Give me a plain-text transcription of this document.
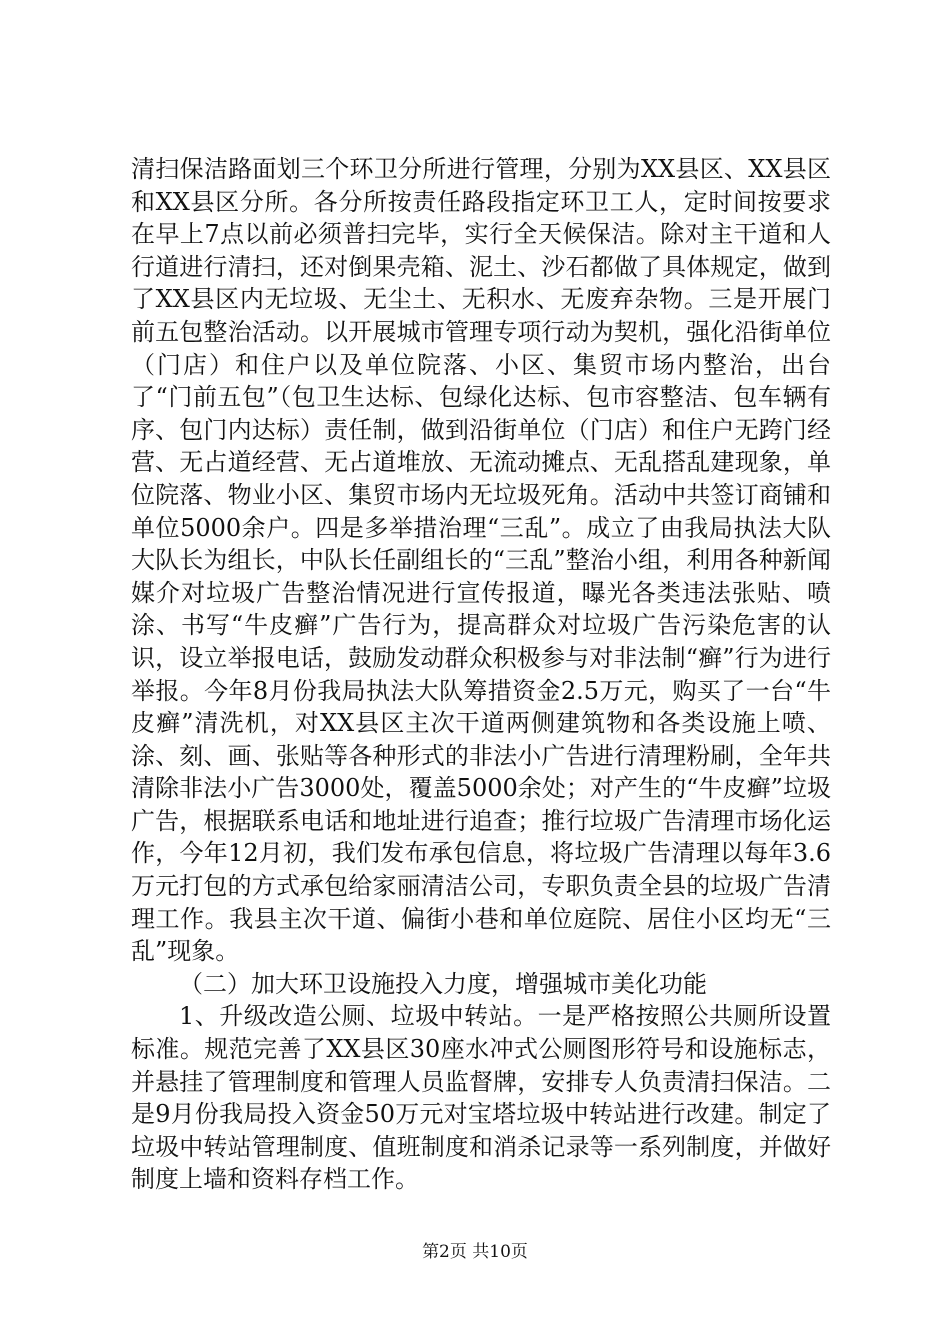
清扫保洁路面划三个环卫分所进行管理，分别为XX县区、XX县区和XX县区分所。各分所按责任路段指定环卫工人，定时间按要求在早上7点以前必须普扫完毕，实行全天候保洁。除对主干道和人行道进行清扫，还对倒果壳箱、泥土、沙石都做了具体规定，做到了XX县区内无垃圾、无尘土、无积水、无废弃杂物。三是开展门前五包整治活动。以开展城市管理专项行动为契机，强化沿街单位（门店）和住户以及单位院落、小区、集贸市场内整治，出台了“门前五包”（包卫生达标、包绿化达标、包市容整洁、包车辆有序、包门内达标）责任制，做到沿街单位（门店）和住户无跨门经营、无占道经营、无占道堆放、无流动摊点、无乱搭乱建现象，单位院落、物业小区、集贸市场内无垃圾死角。活动中共签订商铺和单位5000余户。四是多举措治理“三乱”。成立了由我局执法大队大队长为组长，中队长任副组长的“三乱”整治小组，利用各种新闻媒介对垃圾广告整治情况进行宣传报道，曝光各类违法张贴、喷涂、书写“牛皮癣”广告行为，提高群众对垃圾广告污染危害的认识，设立举报电话，鼓励发动群众积极参与对非法制“癣”行为进行举报。今年8月份我局执法大队筹措资金2.5万元，购买了一台“牛皮癣”清洗机，对XX县区主次干道两侧建筑物和各类设施上喷、涂、刻、画、张贴等各种形式的非法小广告进行清理粉刷，全年共清除非法小广告3000处，覆盖5000余处；对产生的“牛皮癣”垃圾广告，根据联系电话和地址进行追查；推行垃圾广告清理市场化运作，今年12月初，我们发布承包信息，将垃圾广告清理以每年3.6万元打包的方式承包给家丽清洁公司，专职负责全县的垃圾广告清理工作。我县主次干道、偏街小巷和单位庭院、居住小区均无“三乱”现象。

（二）加大环卫设施投入力度，增强城市美化功能

1、升级改造公厕、垃圾中转站。一是严格按照公共厕所设置标准。规范完善了XX县区30座水冲式公厕图形符号和设施标志，并悬挂了管理制度和管理人员监督牌，安排专人负责清扫保洁。二是9月份我局投入资金50万元对宝塔垃圾中转站进行改建。制定了垃圾中转站管理制度、值班制度和消杀记录等一系列制度，并做好制度上墙和资料存档工作。

第2页 共10页
